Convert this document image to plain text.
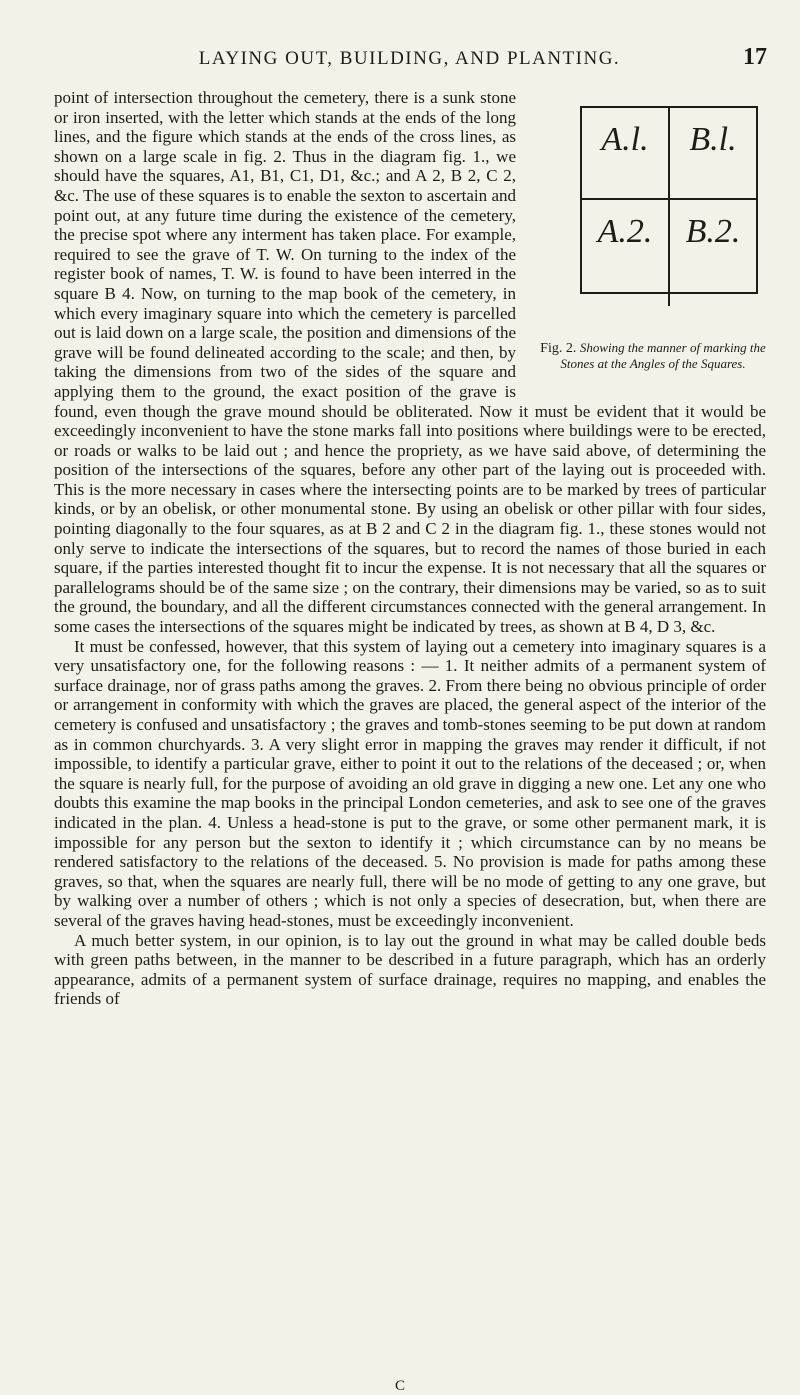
LAYING OUT, BUILDING, AND PLANTING.	17
A.l.	B.l.
A.2. B.2.
Fig. 2. Showing the manner of marking the Stones at the Angles of the Squares.

point of intersection throughout the cemetery, there is a sunk stone or iron inserted, with the letter which stands at the ends of the long lines, and the figure which stands at the ends of the cross lines, as shown on a large scale in fig. 2. Thus in the diagram fig. 1., we should have the squares, A1, B1, C1, D1, &c.; and A 2, B 2, C 2, &c. The use of these squares is to enable the sexton to ascertain and point out, at any future time during the existence of the cemetery, the precise spot where any interment has taken place. For example, required to see the grave of T. W. On turning to the index of the register book of names, T. W. is found to have been interred in the square B 4. Now, on turning to the map book of the cemetery, in which every imaginary square into which the cemetery is parcelled out is laid down on a large scale, the position and dimensions of the grave will be found delineated according to the scale; and then, by taking the dimensions from two of the sides of the square and applying them to the ground, the exact position of the grave is found, even though the grave mound should be obliterated. Now it must be evident that it would be exceedingly inconvenient to have the stone marks fall into positions where buildings were to be erected, or roads or walks to be laid out ; and hence the propriety, as we have said above, of determining the position of the intersections of the squares, before any other part of the laying out is proceeded with. This is the more necessary in cases where the intersecting points are to be marked by trees of particular kinds, or by an obelisk, or other monumental stone. By using an obelisk or other pillar with four sides, pointing diagonally to the four squares, as at B 2 and C 2 in the diagram fig. 1., these stones would not only serve to indicate the intersections of the squares, but to record the names of those buried in each square, if the parties interested thought fit to incur the expense. It is not necessary that all the squares or parallelograms should be of the same size ; on the contrary, their dimensions may be varied, so as to suit the ground, the boundary, and all the different circumstances connected with the general arrangement. In some cases the intersections of the squares might be indicated by trees, as shown at B 4, D 3, &c.

It must be confessed, however, that this system of laying out a cemetery into imaginary squares is a very unsatisfactory one, for the following reasons : — 1. It neither admits of a permanent system of surface drainage, nor of grass paths among the graves. 2. From there being no obvious principle of order or arrangement in conformity with which the graves are placed, the general aspect of the interior of the cemetery is confused and unsatisfactory ; the graves and tomb-stones seeming to be put down at random as in common churchyards. 3. A very slight error in mapping the graves may render it difficult, if not impossible, to identify a particular grave, either to point it out to the relations of the deceased ; or, when the square is nearly full, for the purpose of avoiding an old grave in digging a new one. Let any one who doubts this examine the map books in the principal London cemeteries, and ask to see one of the graves indicated in the plan. 4. Unless a head-stone is put to the grave, or some other permanent mark, it is impossible for any person but the sexton to identify it ; which circumstance can by no means be rendered satisfactory to the relations of the deceased. 5. No provision is made for paths among these graves, so that, when the squares are nearly full, there will be no mode of getting to any one grave, but by walking over a number of others ; which is not only a species of desecration, but, when there are several of the graves having head-stones, must be exceedingly inconvenient.

A much better system, in our opinion, is to lay out the ground in what may be called double beds with green paths between, in the manner to be described in a future paragraph, which has an orderly appearance, admits of a permanent system of surface drainage, requires no mapping, and enables the friends of

C
